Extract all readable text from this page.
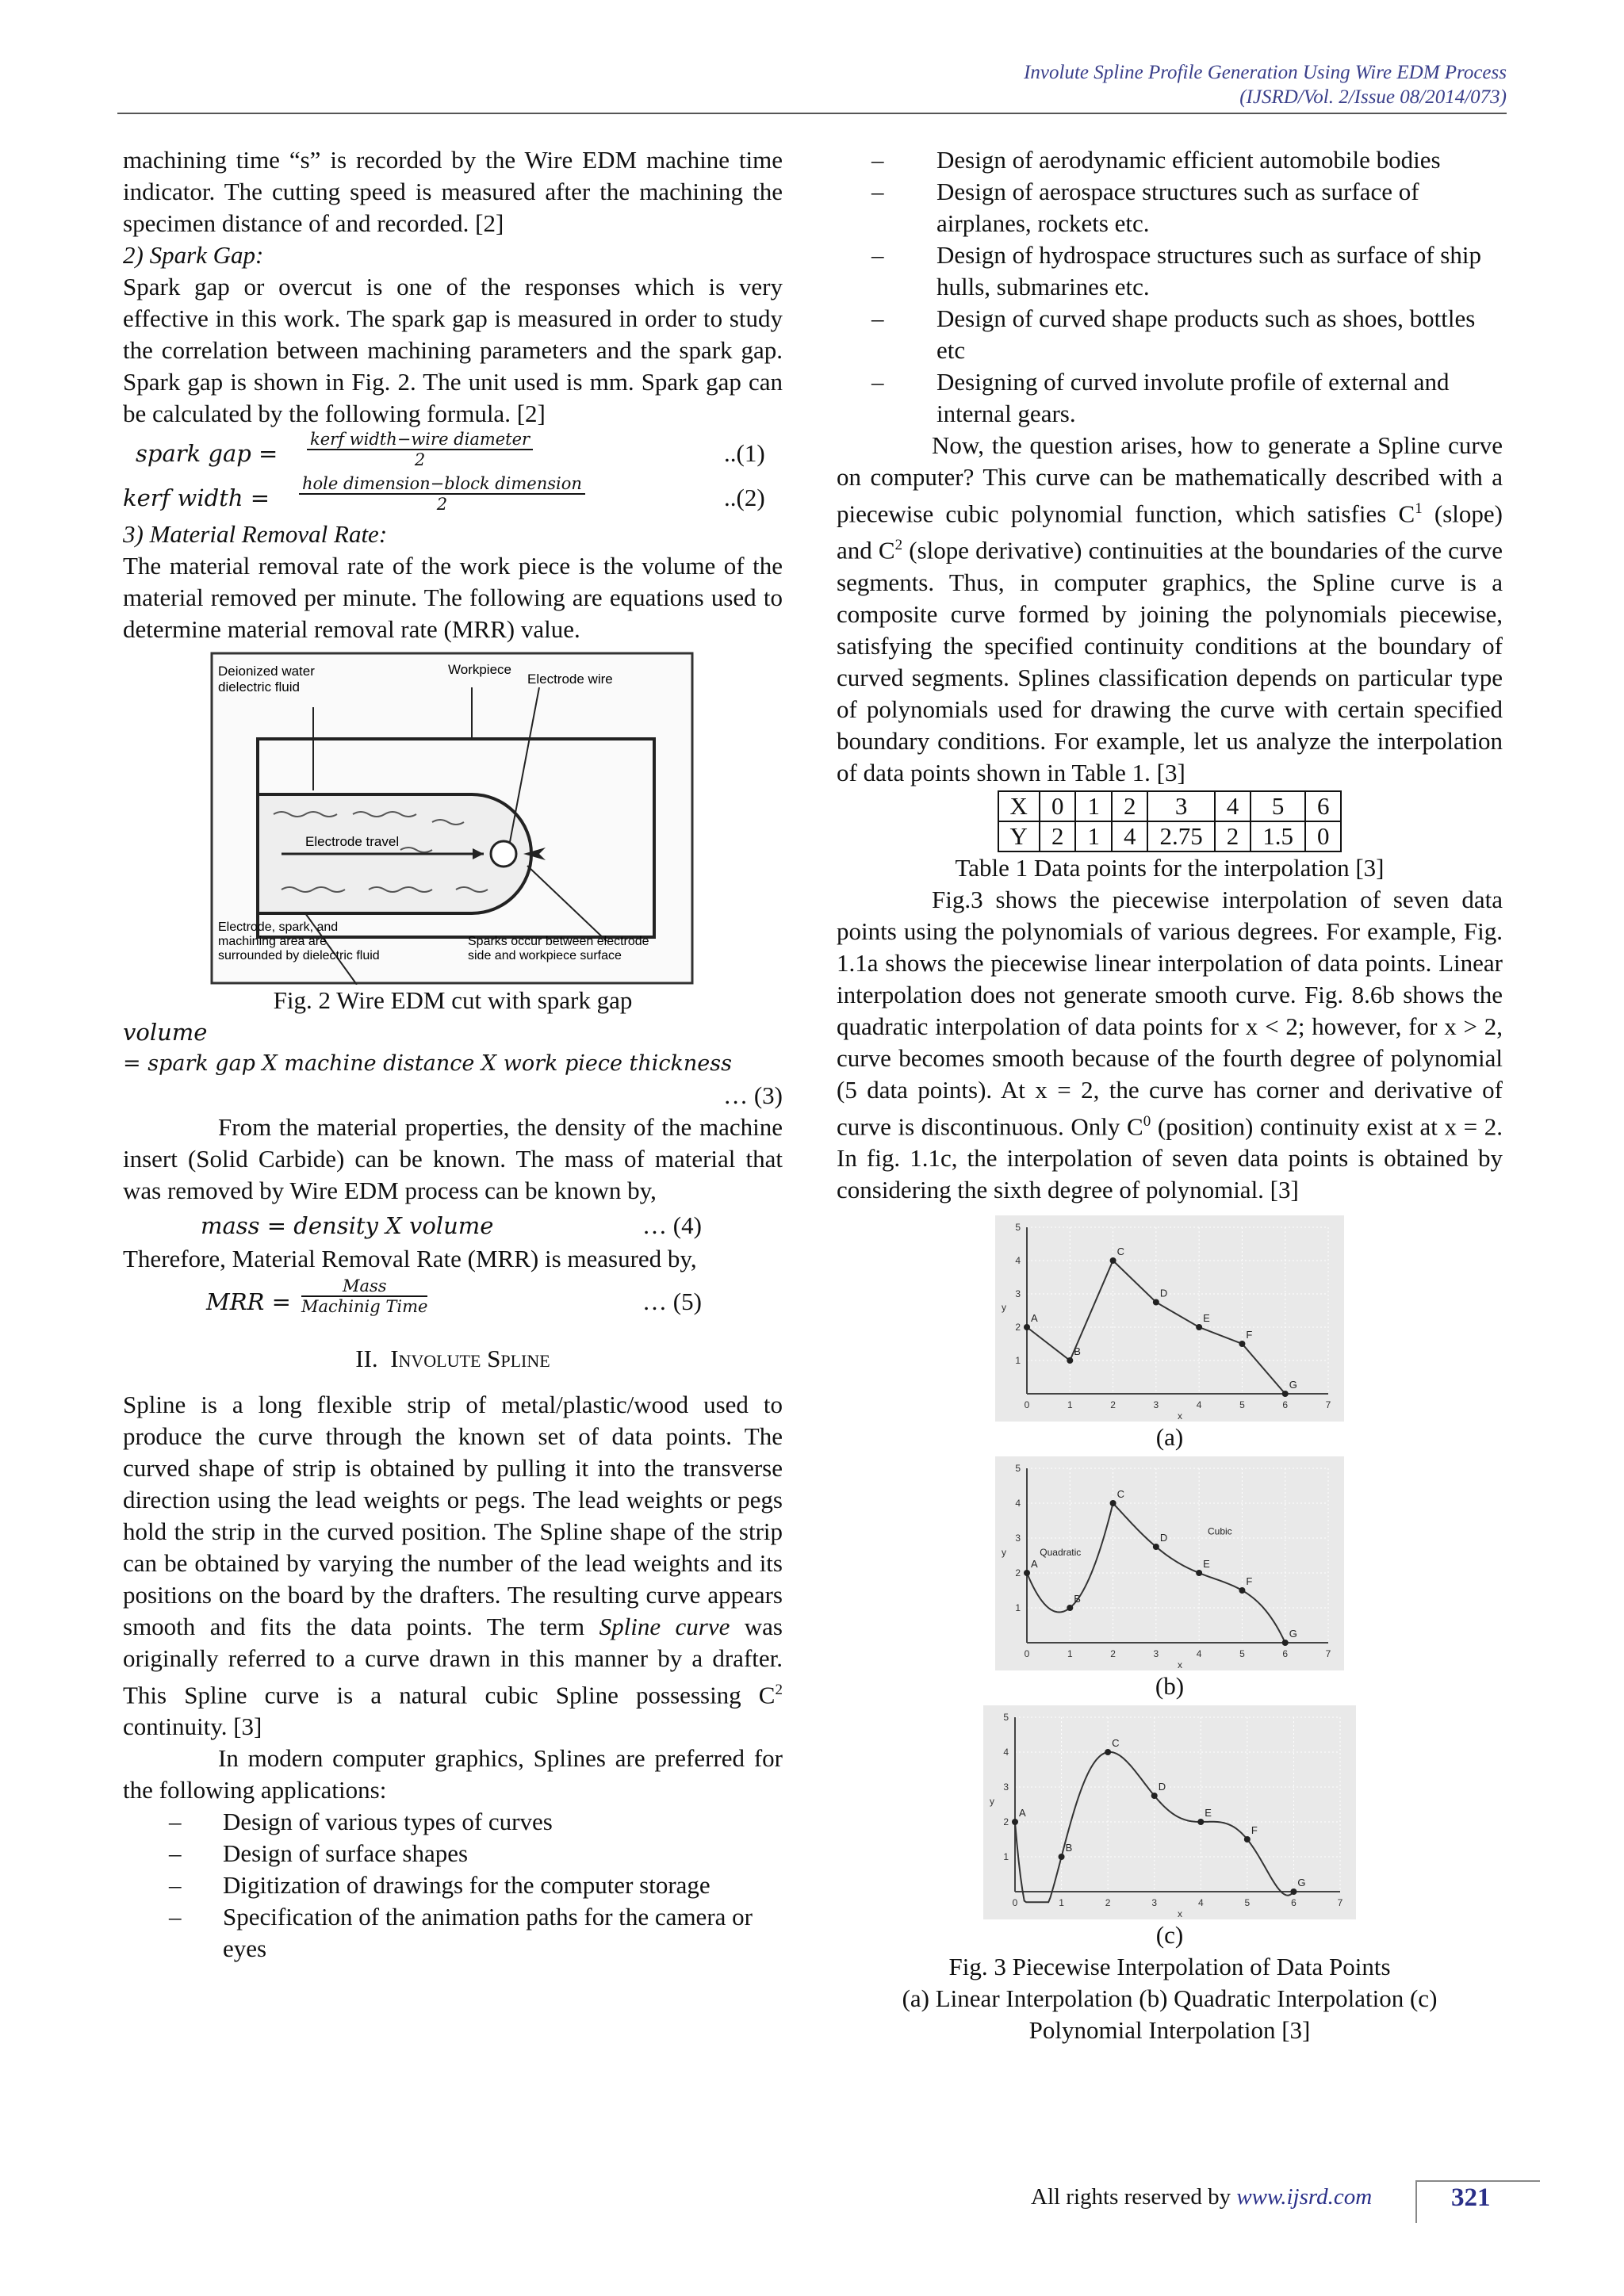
Involute Spline Profile Generation Using Wire EDM Process
(IJSRD/Vol. 2/Issue 08/2014/073)

machining time “s” is recorded by the Wire EDM machine time indicator. The cutting speed is measured after the machining the specimen distance of and recorded. [2]

2) Spark Gap:

Spark gap or overcut is one of the responses which is very effective in this work. The spark gap is measured in order to study the correlation between machining parameters and the spark gap. Spark gap is shown in Fig. 2. The unit used is mm. Spark gap can be calculated by the following formula. [2]

spark gap =
kerf width−wire diameter
2	..(1)
kerf width =
hole dimension−block dimension
2	..(2)

3) Material Removal Rate:

The material removal rate of the work piece is the volume of the material removed per minute. The following are equations used to determine material removal rate (MRR) value.

Deionized water
dielectric fluid
Workpiece
Electrode wire
Electrode travel
Electrode, spark, and
machining area are
surrounded by dielectric fluid
Sparks occur between electrode
side and workpiece surface

Fig. 2 Wire EDM cut with spark gap

volume
= spark gap X machine distance X work piece thickness
… (3)

From the material properties, the density of the machine insert (Solid Carbide) can be known. The mass of material that was removed by Wire EDM process can be known by,

mass = density X volume	… (4)

Therefore, Material Removal Rate (MRR) is measured by,

MRR =
Mass
Machinig Time	… (5)
II. Involute Spline

Spline is a long flexible strip of metal/plastic/wood used to produce the curve through the known set of data points. The curved shape of strip is obtained by pulling it into the transverse direction using the lead weights or pegs. The lead weights or pegs hold the strip in the curved position. The Spline shape of the strip can be obtained by varying the number of the lead weights and its positions on the board by the drafters. The resulting curve appears smooth and fits the data points. The term Spline curve was originally referred to a curve drawn in this manner by a drafter. This Spline curve is a natural cubic Spline possessing $C^2$ continuity. [3]

In modern computer graphics, Splines are preferred for the following applications:

– Design of various types of curves
– Design of surface shapes
– Digitization of drawings for the computer storage
– Specification of the animation paths for the camera or eyes
– Design of aerodynamic efficient automobile bodies
– Design of aerospace structures such as surface of airplanes, rockets etc.
– Design of hydrospace structures such as surface of ship hulls, submarines etc.
– Design of curved shape products such as shoes, bottles etc
– Designing of curved involute profile of external and internal gears.

Now, the question arises, how to generate a Spline curve on computer? This curve can be mathematically described with a piecewise cubic polynomial function, which satisfies $C^1$ (slope) and $C^2$ (slope derivative) continuities at the boundaries of the curve segments. Thus, in computer graphics, the Spline curve is a composite curve formed by joining the polynomials piecewise, satisfying the specified continuity conditions at the boundary of curved segments. Splines classification depends on particular type of polynomials used for drawing the curve with certain specified boundary conditions. For example, let us analyze the interpolation of data points shown in Table 1. [3]

X	0	1	2	3	4	5	6
Y	2	1	4	2.75	2	1.5	0

Table 1 Data points for the interpolation [3]

Fig.3 shows the piecewise interpolation of seven data points using the polynomials of various degrees. For example, Fig. 1.1a shows the piecewise linear interpolation of data points. Linear interpolation does not generate smooth curve. Fig. 8.6b shows the quadratic interpolation of data points for x < 2; however, for x > 2, curve becomes smooth because of the fourth degree of polynomial (5 data points). At x = 2, the curve has corner and derivative of curve is discontinuous. Only $C^0$ (position) continuity exist at x = 2. In fig. 1.1c, the interpolation of seven data points is obtained by considering the sixth degree of polynomial. [3]

0	1	2	3	4	5	6	7
1
2
3
4
5
x
y
A
B
C
D
E
F
G
(a)
0	1	2	3	4	5	6	7
1
2
3
4
5
x
y
A
B
C
D
E
F
G
Quadratic
Cubic
(b)
0	1	2	3	4	5	6	7
1
2
3
4
5
x
y
A
B
C
D
E
F
G
(c)
Fig. 3 Piecewise Interpolation of Data Points
(a) Linear Interpolation (b) Quadratic Interpolation (c)
Polynomial Interpolation [3]
All rights reserved by www.ijsrd.com	321
